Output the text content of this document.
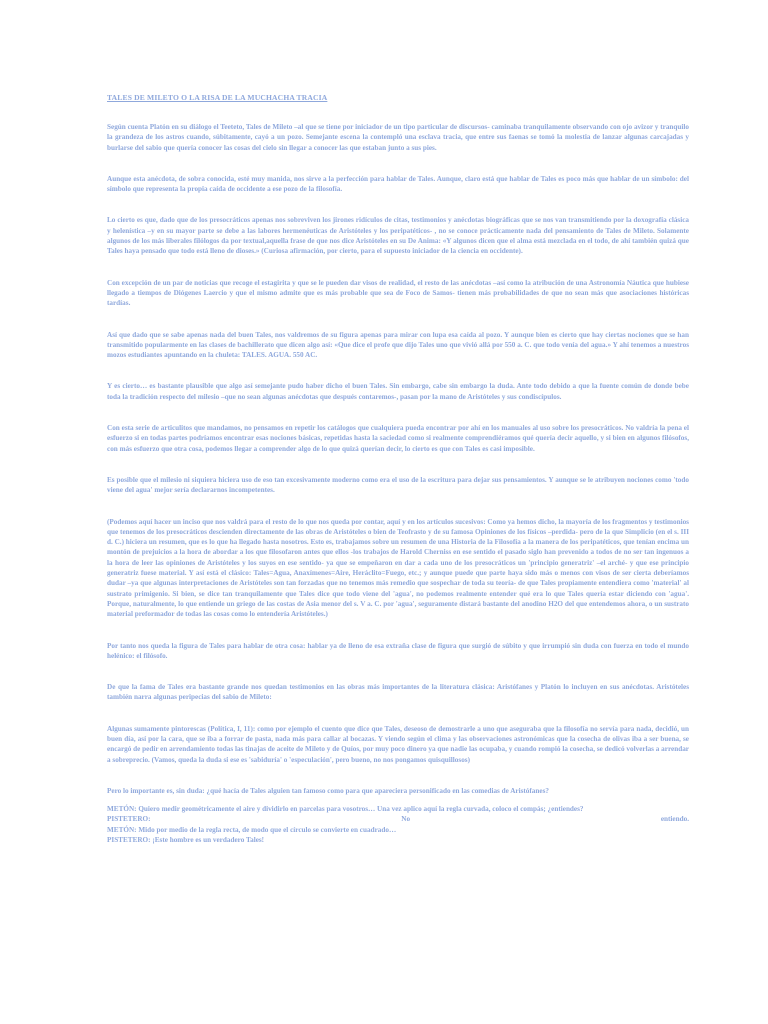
TALES DE MILETO O LA RISA DE LA MUCHACHA TRACIA

Según cuenta Platón en su diálogo el Teeteto, Tales de Mileto –al que se tiene por iniciador de un tipo particular de discursos- caminaba tranquilamente observando con ojo avizor y tranquilo la grandeza de los astros cuando, súbitamente, cayó a un pozo. Semejante escena la contempló una esclava tracia, que entre sus faenas se tomó la molestia de lanzar algunas carcajadas y burlarse del sabio que quería conocer las cosas del cielo sin llegar a conocer las que estaban junto a sus pies.

Aunque esta anécdota, de sobra conocida, esté muy manida, nos sirve a la perfección para hablar de Tales. Aunque, claro está que hablar de Tales es poco más que hablar de un símbolo: del símbolo que representa la propia caída de occidente a ese pozo de la filosofía.

Lo cierto es que, dado que de los presocráticos apenas nos sobreviven los jirones ridículos de citas, testimonios y anécdotas biográficas que se nos van transmitiendo por la doxografía clásica y helenística –y en su mayor parte se debe a las labores hermenéuticas de Aristóteles y los peripatéticos- , no se conoce prácticamente nada del pensamiento de Tales de Mileto. Solamente algunos de los más liberales filólogos da por textual,aquella frase de que nos dice Aristóteles en su De Anima: «Y algunos dicen que el alma está mezclada en el todo, de ahí también quizá que Tales haya pensado que todo está lleno de dioses.» (Curiosa afirmación, por cierto, para el supuesto iniciador de la ciencia en occidente).

Con excepción de un par de noticias que recoge el estagirita y que se le pueden dar visos de realidad, el resto de las anécdotas –así como la atribución de una Astronomía Náutica que hubiese llegado a tiempos de Diógenes Laercio y que el mismo admite que es más probable que sea de Foco de Samos- tienen más probabilidades de que no sean más que asociaciones históricas tardías.

Así que dado que se sabe apenas nada del buen Tales, nos valdremos de su figura apenas para mirar con lupa esa caída al pozo. Y aunque bien es cierto que hay ciertas nociones que se han transmitido popularmente en las clases de bachillerato que dicen algo así: «Que dice el profe que dijo Tales uno que vivió allá por 550 a. C. que todo venía del agua.» Y ahí tenemos a nuestros mozos estudiantes apuntando en la chuleta: TALES. AGUA. 550 AC.

Y es cierto… es bastante plausible que algo así semejante pudo haber dicho el buen Tales. Sin embargo, cabe sin embargo la duda. Ante todo debido a que la fuente común de donde bebe toda la tradición respecto del milesio –que no sean algunas anécdotas que después contaremos-, pasan por la mano de Aristóteles y sus condiscípulos.

Con esta serie de articulitos que mandamos, no pensamos en repetir los catálogos que cualquiera pueda encontrar por ahí en los manuales al uso sobre los presocráticos. No valdría la pena el esfuerzo si en todas partes podríamos encontrar esas nociones básicas, repetidas hasta la saciedad como si realmente comprendiéramos qué quería decir aquello, y si bien en algunos filósofos, con más esfuerzo que otra cosa, podemos llegar a comprender algo de lo que quizá querían decir, lo cierto es que con Tales es casi imposible.

Es posible que el milesio ni siquiera hiciera uso de eso tan excesivamente moderno como era el uso de la escritura para dejar sus pensamientos. Y aunque se le atribuyen nociones como 'todo viene del agua' mejor sería declararnos incompetentes.

(Podemos aquí hacer un inciso que nos valdrá para el resto de lo que nos queda por contar, aquí y en los artículos sucesivos: Como ya hemos dicho, la mayoría de los fragmentos y testimonios que tenemos de los presocráticos descienden directamente de las obras de Aristóteles o bien de Teofrasto y de su famosa Opiniones de los físicos –perdida- pero de la que Simplicio (en el s. III d. C.) hiciera un resumen, que es lo que ha llegado hasta nosotros. Esto es, trabajamos sobre un resumen de una Historia de la Filosofía a la manera de los peripatéticos, que tenían encima un montón de prejuicios a la hora de abordar a los que filosofaron antes que ellos -los trabajos de Harold Cherniss en ese sentido el pasado siglo han prevenido a todos de no ser tan ingenuos a la hora de leer las opiniones de Aristóteles y los suyos en ese sentido- ya que se empeñaron en dar a cada uno de los presocráticos un 'principio generatriz' –el arché- y que ese principio generatriz fuese material. Y así está el clásico: Tales=Agua, Anaxímenes=Aire, Heráclito=Fuego, etc.; y aunque puede que parte haya sido más o menos con visos de ser cierta deberíamos dudar –ya que algunas interpretaciones de Aristóteles son tan forzadas que no tenemos más remedio que sospechar de toda su teoría- de que Tales propiamente entendiera como 'material' al sustrato primigenio. Si bien, se dice tan tranquilamente que Tales dice que todo viene del 'agua', no podemos realmente entender qué era lo que Tales quería estar diciendo con 'agua'. Porque, naturalmente, lo que entiende un griego de las costas de Asia menor del s. V a. C. por 'agua', seguramente distará bastante del anodino H2O del que entendemos ahora, o un sustrato material preformador de todas las cosas como lo entendería Aristóteles.)

Por tanto nos queda la figura de Tales para hablar de otra cosa: hablar ya de lleno de esa extraña clase de figura que surgió de súbito y que irrumpió sin duda con fuerza en todo el mundo helénico: el filósofo.

De que la fama de Tales era bastante grande nos quedan testimonios en las obras más importantes de la literatura clásica: Aristófanes y Platón lo incluyen en sus anécdotas. Aristóteles también narra algunas peripecias del sabio de Mileto:

Algunas sumamente pintorescas (Política, I, 11): como por ejemplo el cuento que dice que Tales, deseoso de demostrarle a uno que aseguraba que la filosofía no servía para nada, decidió, un buen día, así por la cara, que se iba a forrar de pasta, nada más para callar al bocazas. Y viendo según el clima y las observaciones astronómicas que la cosecha de olivas iba a ser buena, se encargó de pedir en arrendamiento todas las tinajas de aceite de Mileto y de Quíos, por muy poco dinero ya que nadie las ocupaba, y cuando rompió la cosecha, se dedicó volverlas a arrendar a sobreprecio. (Vamos, queda la duda si ese es 'sabiduría' o 'especulación', pero bueno, no nos pongamos quisquillosos)

Pero lo importante es, sin duda: ¿qué hacía de Tales alguien tan famoso como para que apareciera personificado en las comedias de Aristófanes?

METÓN: Quiero medir geométricamente el aire y dividirlo en parcelas para vosotros… Una vez aplico aquí la regla curvada, coloco el compás; ¿entiendes?

PISTETERO:	No	entiendo.

METÓN: Mido por medio de la regla recta, de modo que el círculo se convierte en cuadrado…

PISTETERO: ¡Este hombre es un verdadero Tales!
